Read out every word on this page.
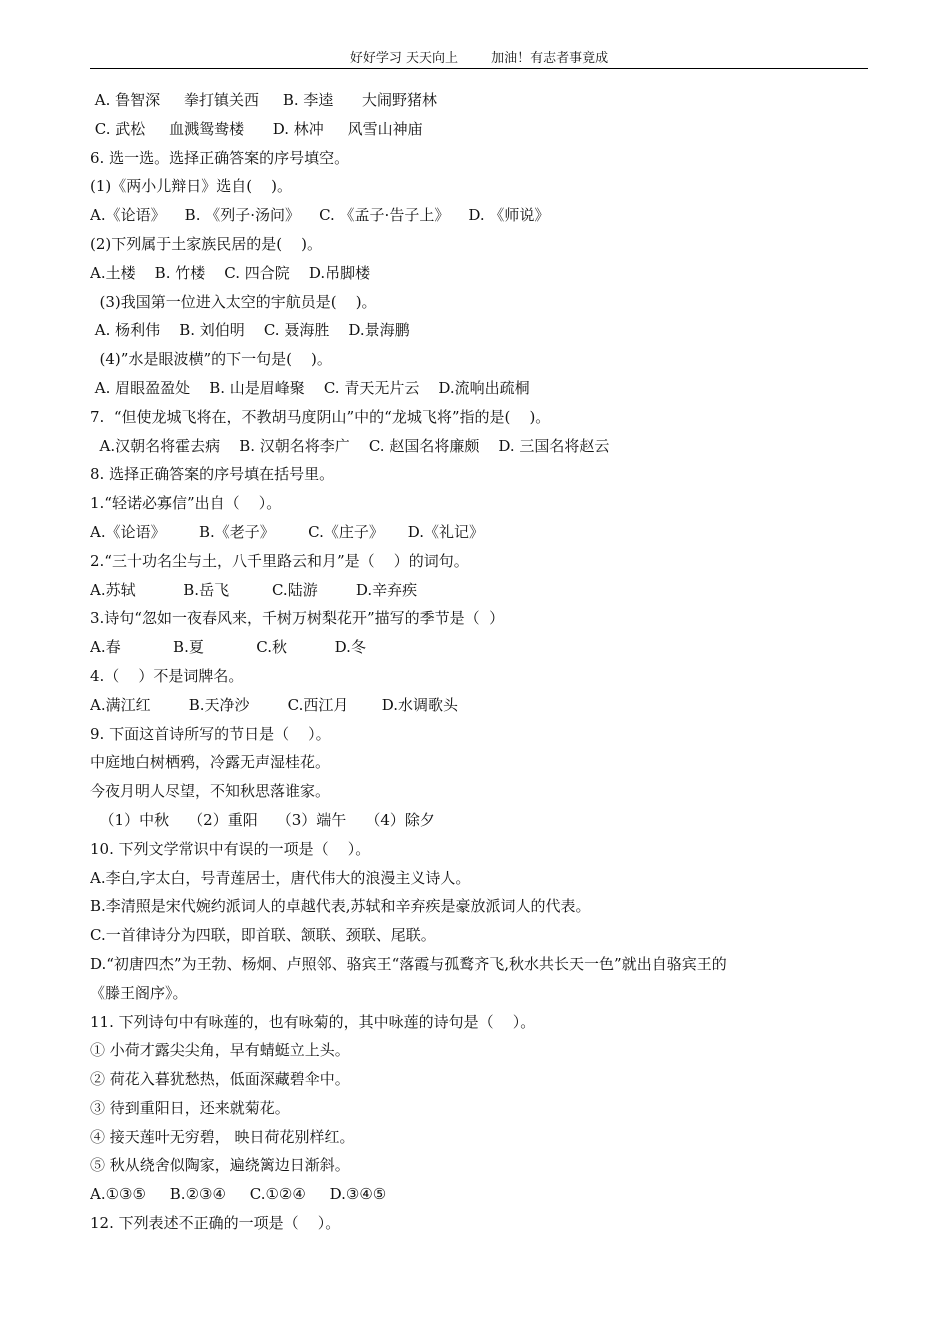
好好学习 天天向上        加油！有志者事竟成
A. 鲁智深     拳打镇关西     B. 李逵      大闹野猪林
C. 武松     血溅鸳鸯楼      D. 林冲     风雪山神庙
6. 选一选。选择正确答案的序号填空。
(1)《两小儿辩日》选自(    )。
A.《论语》    B. 《列子·汤问》    C. 《孟子·告子上》    D. 《师说》
(2)下列属于土家族民居的是(    )。
A.土楼    B. 竹楼    C. 四合院    D.吊脚楼
(3)我国第一位进入太空的宇航员是(    )。
A. 杨利伟    B. 刘伯明    C. 聂海胜    D.景海鹏
(4)”水是眼波横”的下一句是(    )。
A. 眉眼盈盈处    B. 山是眉峰聚    C. 青天无片云    D.流响出疏桐
7.  “但使龙城飞将在，不教胡马度阴山”中的“龙城飞将”指的是(    )。
A.汉朝名将霍去病    B. 汉朝名将李广    C. 赵国名将廉颇    D. 三国名将赵云
8. 选择正确答案的序号填在括号里。
1.“轻诺必寡信”出自（    ）。
A.《论语》       B.《老子》       C.《庄子》     D.《礼记》
2.“三十功名尘与土，八千里路云和月”是（    ）的词句。
A.苏轼          B.岳飞         C.陆游        D.辛弃疾
3.诗句“忽如一夜春风来，千树万树梨花开”描写的季节是（  ）
A.春           B.夏           C.秋          D.冬
4.（    ）不是词牌名。
A.满江红        B.天净沙        C.西江月       D.水调歌头
9. 下面这首诗所写的节日是（    ）。
中庭地白树栖鸦，冷露无声湿桂花。
今夜月明人尽望，不知秋思落谁家。
（1）中秋    （2）重阳    （3）端午    （4）除夕
10. 下列文学常识中有误的一项是（    ）。
A.李白,字太白，号青莲居士，唐代伟大的浪漫主义诗人。
B.李清照是宋代婉约派词人的卓越代表,苏轼和辛弃疾是豪放派词人的代表。
C.一首律诗分为四联，即首联、颔联、颈联、尾联。
D.“初唐四杰”为王勃、杨炯、卢照邻、骆宾王“落霞与孤鹜齐飞,秋水共长天一色”就出自骆宾王的
《滕王阁序》。
11. 下列诗句中有咏莲的，也有咏菊的，其中咏莲的诗句是（    ）。
① 小荷才露尖尖角，早有蜻蜓立上头。
② 荷花入暮犹愁热，低面深藏碧伞中。
③ 待到重阳日，还来就菊花。
④ 接天莲叶无穷碧， 映日荷花别样红。
⑤ 秋从绕舍似陶家，遍绕篱边日渐斜。
A.①③⑤     B.②③④     C.①②④     D.③④⑤
12. 下列表述不正确的一项是（    ）。
